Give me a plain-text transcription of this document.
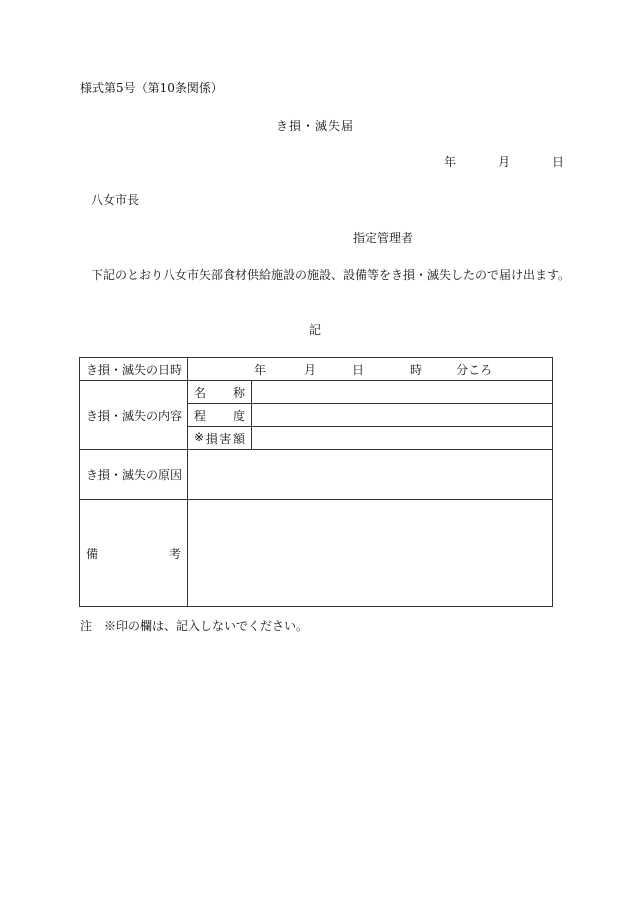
様式第5号（第10条関係）
き損・滅失届
年	月	日
八女市長
指定管理者
下記のとおり八女市矢部食材供給施設の施設、設備等をき損・滅失したので届け出ます。
記
き損・滅失の日時	年 月 日 時 分ころ	

き損・滅失の内容	名 称	

	程 度	

	※ 損 害 額	

き損・滅失の原因		

備 考		

注　※印の欄は、記入しないでください。
